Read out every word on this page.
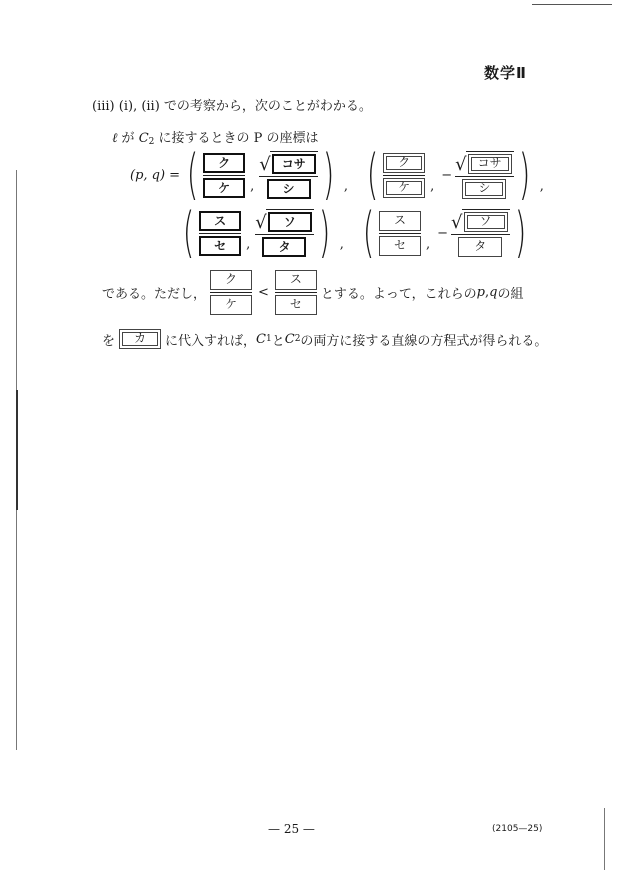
数学Ⅱ
(iii) (i), (ii) での考察から，次のことがわかる。
ℓ が $C_2$ に接するときの P の座標は
(p, q) = ( $\frac{\text{ク}}{\text{ケ}}$ , $\frac{\text{√ コサ}}{\text{シ}}$ ) , ( $\frac{\text{ク}}{\text{ケ}}$ ,
− $\frac{\text{√ コサ}}{\text{シ}}$ ) ,
( $\frac{\text{ス}}{\text{セ}}$ , √	ソ
タ ) , ( $\frac{\text{ス}}{\text{セ}}$ ,
− √	ソ
タ )
である。ただし， $\frac{\text{ク}}{\text{ケ}} < \frac{\text{ス}}{\text{セ}}$ とする。よって，これらの p , q の組
を	カ	に代入すれば， C 1 と C 2 の両方に接する直線の方程式が得られる。
— 25 —	(2105—25)
